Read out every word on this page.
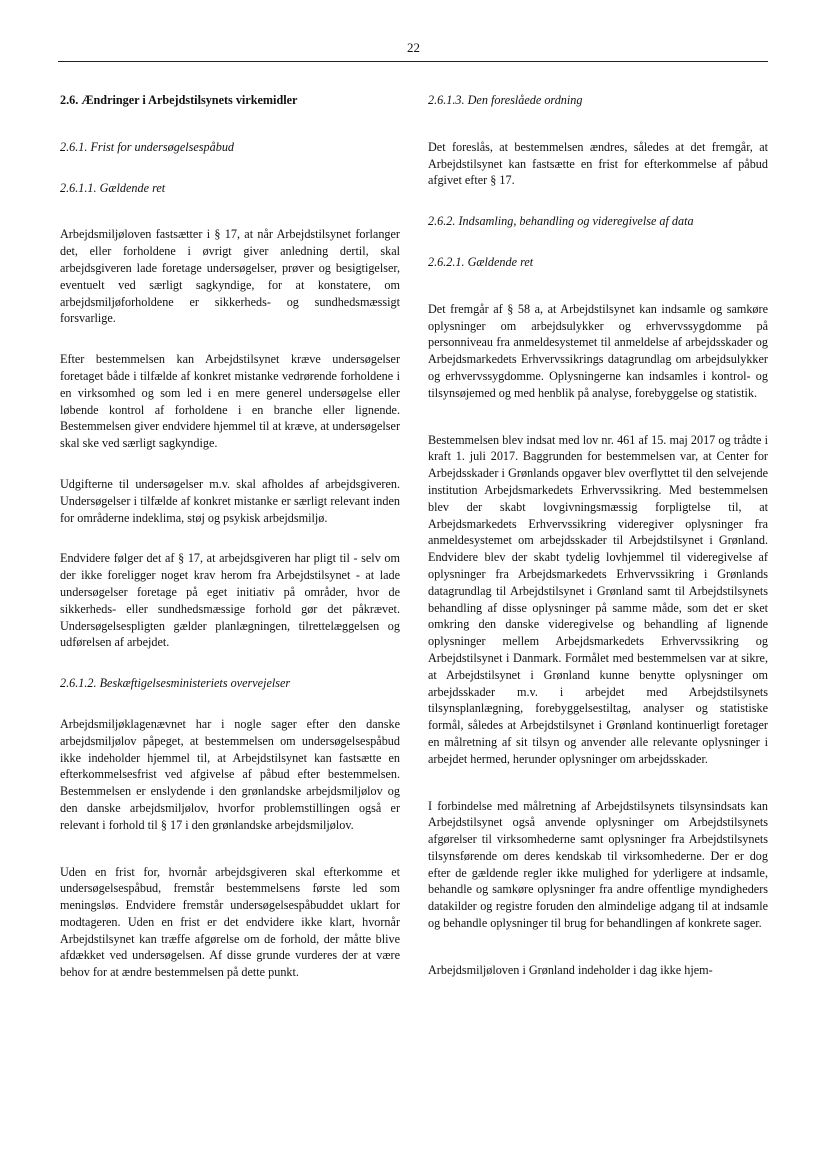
22
2.6. Ændringer i Arbejdstilsynets virkemidler

2.6.1. Frist for undersøgelsespåbud

2.6.1.1. Gældende ret

Arbejdsmiljøloven fastsætter i § 17, at når Arbejdstilsynet forlanger det, eller forholdene i øvrigt giver anledning dertil, skal arbejdsgiveren lade foretage undersøgelser, prøver og besigtigelser, eventuelt ved særligt sagkyndige, for at konstatere, om arbejdsmiljøforholdene er sikkerheds- og sundhedsmæssigt forsvarlige.

Efter bestemmelsen kan Arbejdstilsynet kræve undersøgelser foretaget både i tilfælde af konkret mistanke vedrørende forholdene i en virksomhed og som led i en mere generel undersøgelse eller løbende kontrol af forholdene i en branche eller lignende. Bestemmelsen giver endvidere hjemmel til at kræve, at undersøgelser skal ske ved særligt sagkyndige.

Udgifterne til undersøgelser m.v. skal afholdes af arbejdsgiveren. Undersøgelser i tilfælde af konkret mistanke er særligt relevant inden for områderne indeklima, støj og psykisk arbejdsmiljø.

Endvidere følger det af § 17, at arbejdsgiveren har pligt til - selv om der ikke foreligger noget krav herom fra Arbejdstilsynet - at lade undersøgelser foretage på eget initiativ på områder, hvor de sikkerheds- eller sundhedsmæssige forhold gør det påkrævet. Undersøgelsespligten gælder planlægningen, tilrettelæggelsen og udførelsen af arbejdet.

2.6.1.2. Beskæftigelsesministeriets overvejelser

Arbejdsmiljøklagenævnet har i nogle sager efter den danske arbejdsmiljølov påpeget, at bestemmelsen om undersøgelsespåbud ikke indeholder hjemmel til, at Arbejdstilsynet kan fastsætte en efterkommelsesfrist ved afgivelse af påbud efter bestemmelsen. Bestemmelsen er enslydende i den grønlandske arbejdsmiljølov og den danske arbejdsmiljølov, hvorfor problemstillingen også er relevant i forhold til § 17 i den grønlandske arbejdsmiljølov.

Uden en frist for, hvornår arbejdsgiveren skal efterkomme et undersøgelsespåbud, fremstår bestemmelsens første led som meningsløs. Endvidere fremstår undersøgelsespåbuddet uklart for modtageren. Uden en frist er det endvidere ikke klart, hvornår Arbejdstilsynet kan træffe afgørelse om de forhold, der måtte blive afdækket ved undersøgelsen. Af disse grunde vurderes der at være behov for at ændre bestemmelsen på dette punkt.

2.6.1.3. Den foreslåede ordning

Det foreslås, at bestemmelsen ændres, således at det fremgår, at Arbejdstilsynet kan fastsætte en frist for efterkommelse af påbud afgivet efter § 17.

2.6.2. Indsamling, behandling og videregivelse af data

2.6.2.1. Gældende ret

Det fremgår af § 58 a, at Arbejdstilsynet kan indsamle og samkøre oplysninger om arbejdsulykker og erhvervssygdomme på personniveau fra anmeldesystemet til anmeldelse af arbejdsskader og Arbejdsmarkedets Erhvervssikrings datagrundlag om arbejdsulykker og erhvervssygdomme. Oplysningerne kan indsamles i kontrol- og tilsynsøjemed og med henblik på analyse, forebyggelse og statistik.

Bestemmelsen blev indsat med lov nr. 461 af 15. maj 2017 og trådte i kraft 1. juli 2017. Baggrunden for bestemmelsen var, at Center for Arbejdsskader i Grønlands opgaver blev overflyttet til den selvejende institution Arbejdsmarkedets Erhvervssikring. Med bestemmelsen blev der skabt lovgivningsmæssig forpligtelse til, at Arbejdsmarkedets Erhvervssikring videregiver oplysninger fra anmeldesystemet om arbejdsskader til Arbejdstilsynet i Grønland. Endvidere blev der skabt tydelig lovhjemmel til videregivelse af oplysninger fra Arbejdsmarkedets Erhvervssikring i Grønlands datagrundlag til Arbejdstilsynet i Grønland samt til Arbejdstilsynets behandling af disse oplysninger på samme måde, som det er sket omkring den danske videregivelse og behandling af lignende oplysninger mellem Arbejdsmarkedets Erhvervssikring og Arbejdstilsynet i Danmark. Formålet med bestemmelsen var at sikre, at Arbejdstilsynet i Grønland kunne benytte oplysninger om arbejdsskader m.v. i arbejdet med Arbejdstilsynets tilsynsplanlægning, forebyggelsestiltag, analyser og statistiske formål, således at Arbejdstilsynet i Grønland kontinuerligt foretager en målretning af sit tilsyn og anvender alle relevante oplysninger i arbejdet hermed, herunder oplysninger om arbejdsskader.

I forbindelse med målretning af Arbejdstilsynets tilsynsindsats kan Arbejdstilsynet også anvende oplysninger om Arbejdstilsynets afgørelser til virksomhederne samt oplysninger fra Arbejdstilsynets tilsynsførende om deres kendskab til virksomhederne. Der er dog efter de gældende regler ikke mulighed for yderligere at indsamle, behandle og samkøre oplysninger fra andre offentlige myndigheders datakilder og registre foruden den almindelige adgang til at indsamle og behandle oplysninger til brug for behandlingen af konkrete sager.

Arbejdsmiljøloven i Grønland indeholder i dag ikke hjem-
